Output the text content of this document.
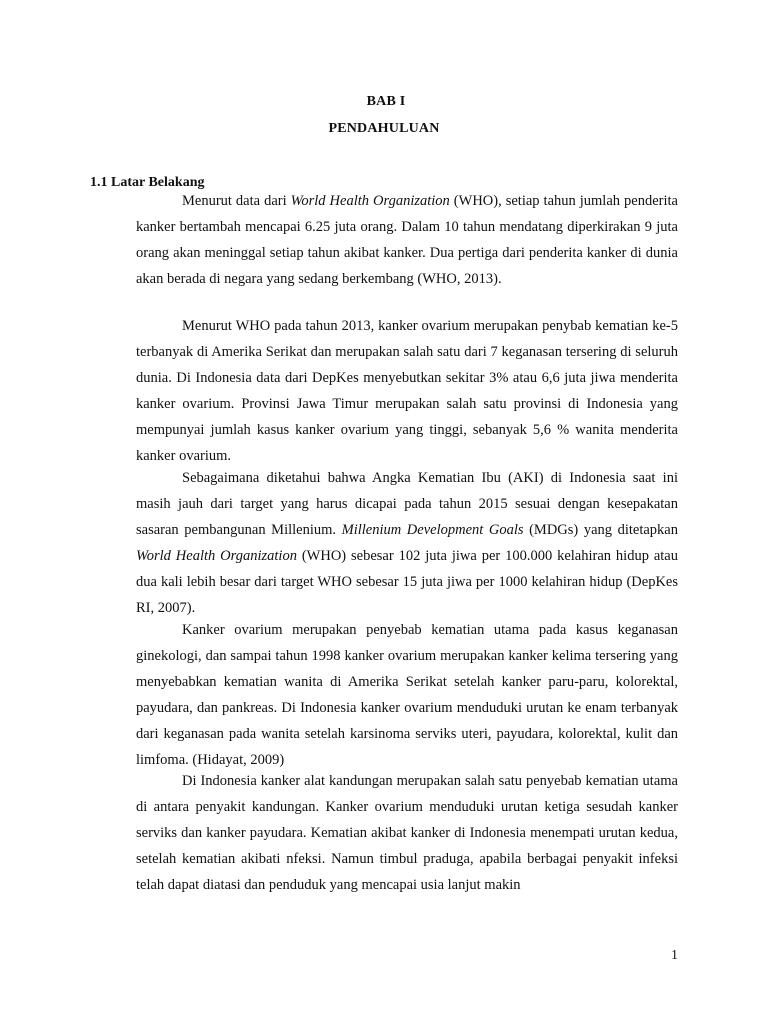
BAB I
PENDAHULUAN
1.1 Latar Belakang

Menurut data dari World Health Organization (WHO), setiap tahun jumlah penderita kanker bertambah mencapai 6.25 juta orang. Dalam 10 tahun mendatang diperkirakan 9 juta orang akan meninggal setiap tahun akibat kanker. Dua pertiga dari penderita kanker di dunia akan berada di negara yang sedang berkembang (WHO, 2013).

Menurut WHO pada tahun 2013, kanker ovarium merupakan penybab kematian ke-5 terbanyak di Amerika Serikat dan merupakan salah satu dari 7 keganasan tersering di seluruh dunia. Di Indonesia data dari DepKes menyebutkan sekitar 3% atau 6,6 juta jiwa menderita kanker ovarium. Provinsi Jawa Timur merupakan salah satu provinsi di Indonesia yang mempunyai jumlah kasus kanker ovarium yang tinggi, sebanyak 5,6 % wanita menderita kanker ovarium.

Sebagaimana diketahui bahwa Angka Kematian Ibu (AKI) di Indonesia saat ini masih jauh dari target yang harus dicapai pada tahun 2015 sesuai dengan kesepakatan sasaran pembangunan Millenium. Millenium Development Goals (MDGs) yang ditetapkan World Health Organization (WHO) sebesar 102 juta jiwa per 100.000 kelahiran hidup atau dua kali lebih besar dari target WHO sebesar 15 juta jiwa per 1000 kelahiran hidup (DepKes RI, 2007).

Kanker ovarium merupakan penyebab kematian utama pada kasus keganasan ginekologi, dan sampai tahun 1998 kanker ovarium merupakan kanker kelima tersering yang menyebabkan kematian wanita di Amerika Serikat setelah kanker paru-paru, kolorektal, payudara, dan pankreas. Di Indonesia kanker ovarium menduduki urutan ke enam terbanyak dari keganasan pada wanita setelah karsinoma serviks uteri, payudara, kolorektal, kulit dan limfoma. (Hidayat, 2009)

Di Indonesia kanker alat kandungan merupakan salah satu penyebab kematian utama di antara penyakit kandungan. Kanker ovarium menduduki urutan ketiga sesudah kanker serviks dan kanker payudara. Kematian akibat kanker di Indonesia menempati urutan kedua, setelah kematian akibati nfeksi. Namun timbul praduga, apabila berbagai penyakit infeksi telah dapat diatasi dan penduduk yang mencapai usia lanjut makin

1
